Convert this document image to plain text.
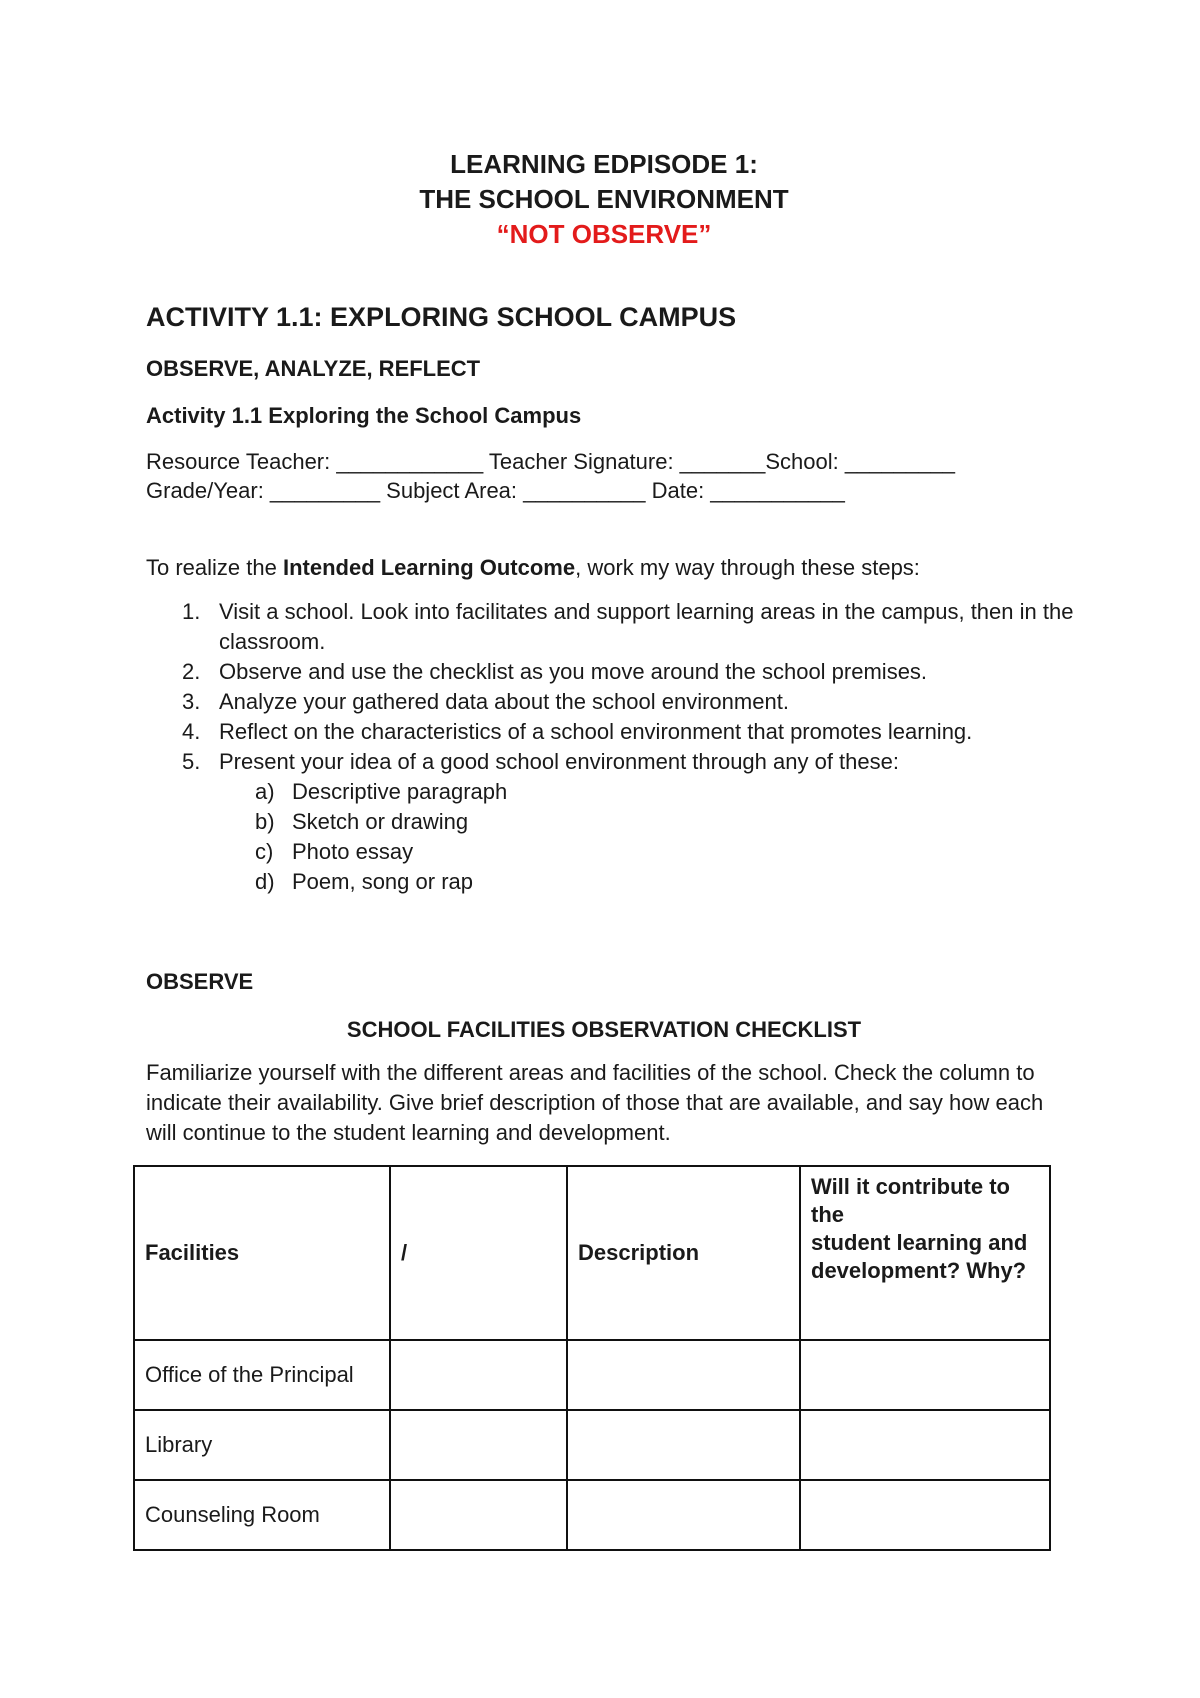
LEARNING EDPISODE 1:
THE SCHOOL ENVIRONMENT
“NOT OBSERVE”
ACTIVITY 1.1: EXPLORING SCHOOL CAMPUS
OBSERVE, ANALYZE, REFLECT
Activity 1.1 Exploring the School Campus
Resource Teacher: ____________ Teacher Signature: _______School: _________
Grade/Year: _________ Subject Area: __________ Date: ___________
To realize the Intended Learning Outcome, work my way through these steps:
1. Visit a school. Look into facilitates and support learning areas in the campus, then in the classroom.
2. Observe and use the checklist as you move around the school premises.
3. Analyze your gathered data about the school environment.
4. Reflect on the characteristics of a school environment that promotes learning.
5. Present your idea of a good school environment through any of these:
a) Descriptive paragraph
b) Sketch or drawing
c) Photo essay
d) Poem, song or rap
OBSERVE
SCHOOL FACILITIES OBSERVATION CHECKLIST
Familiarize yourself with the different areas and facilities of the school. Check the column to indicate their availability. Give brief description of those that are available, and say how each will continue to the student learning and development.
Facilities	/	Description	Will it contribute to the
student learning and
development? Why?

Office of the Principal			
Library			
Counseling Room			
